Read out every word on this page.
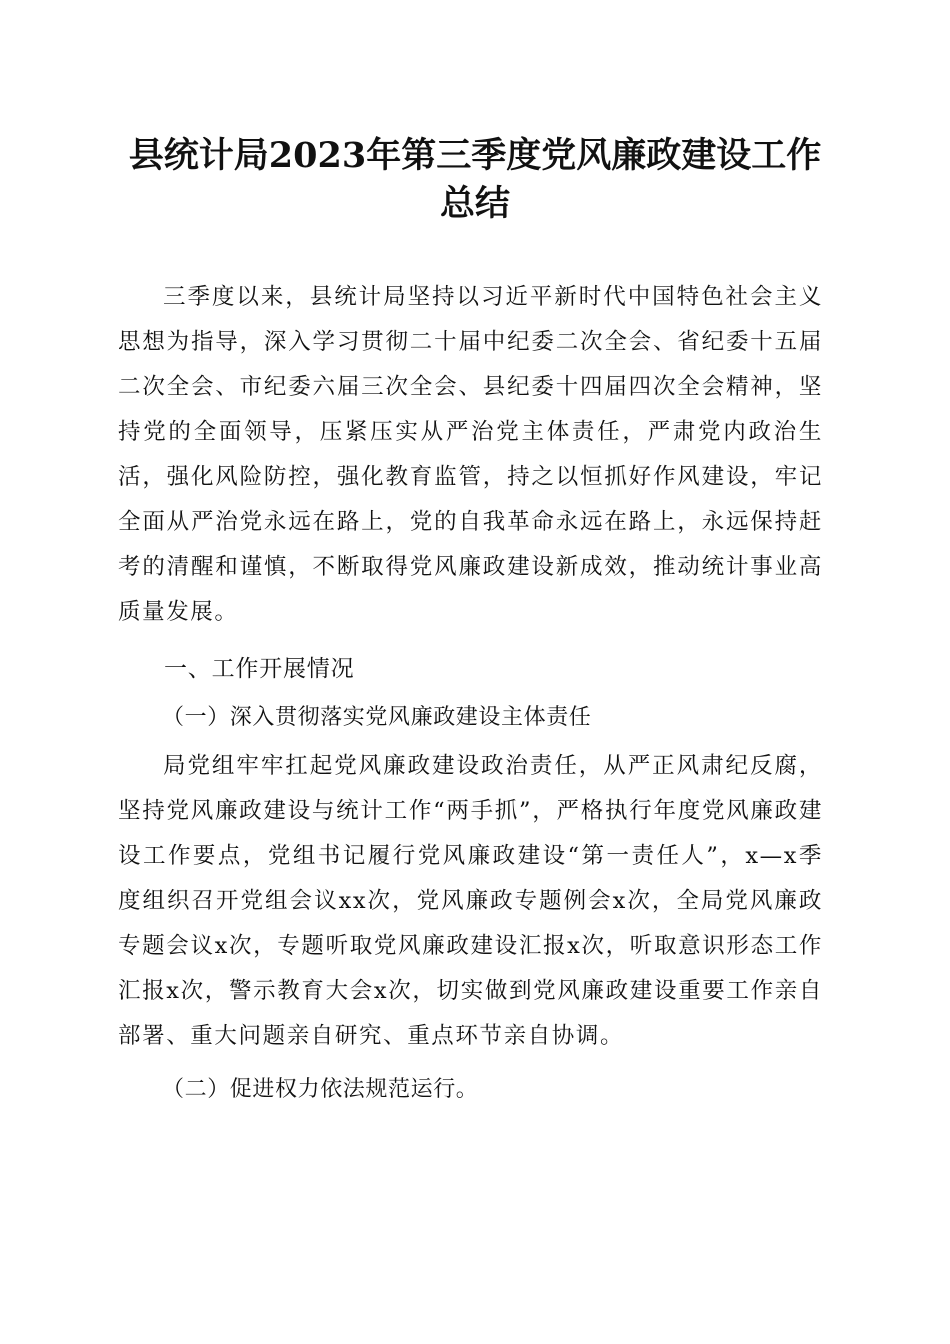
县统计局2023年第三季度党风廉政建设工作
总结

三季度以来，县统计局坚持以习近平新时代中国特色社会主义思想为指导，深入学习贯彻二十届中纪委二次全会、省纪委十五届二次全会、市纪委六届三次全会、县纪委十四届四次全会精神，坚持党的全面领导，压紧压实从严治党主体责任，严肃党内政治生活，强化风险防控，强化教育监管，持之以恒抓好作风建设，牢记全面从严治党永远在路上，党的自我革命永远在路上，永远保持赶考的清醒和谨慎，不断取得党风廉政建设新成效，推动统计事业高质量发展。

一、工作开展情况

（一）深入贯彻落实党风廉政建设主体责任

局党组牢牢扛起党风廉政建设政治责任，从严正风肃纪反腐，坚持党风廉政建设与统计工作“两手抓”，严格执行年度党风廉政建设工作要点，党组书记履行党风廉政建设“第一责任人”，x—x季度组织召开党组会议xx次，党风廉政专题例会x次，全局党风廉政专题会议x次，专题听取党风廉政建设汇报x次，听取意识形态工作汇报x次，警示教育大会x次，切实做到党风廉政建设重要工作亲自部署、重大问题亲自研究、重点环节亲自协调。

（二）促进权力依法规范运行。
